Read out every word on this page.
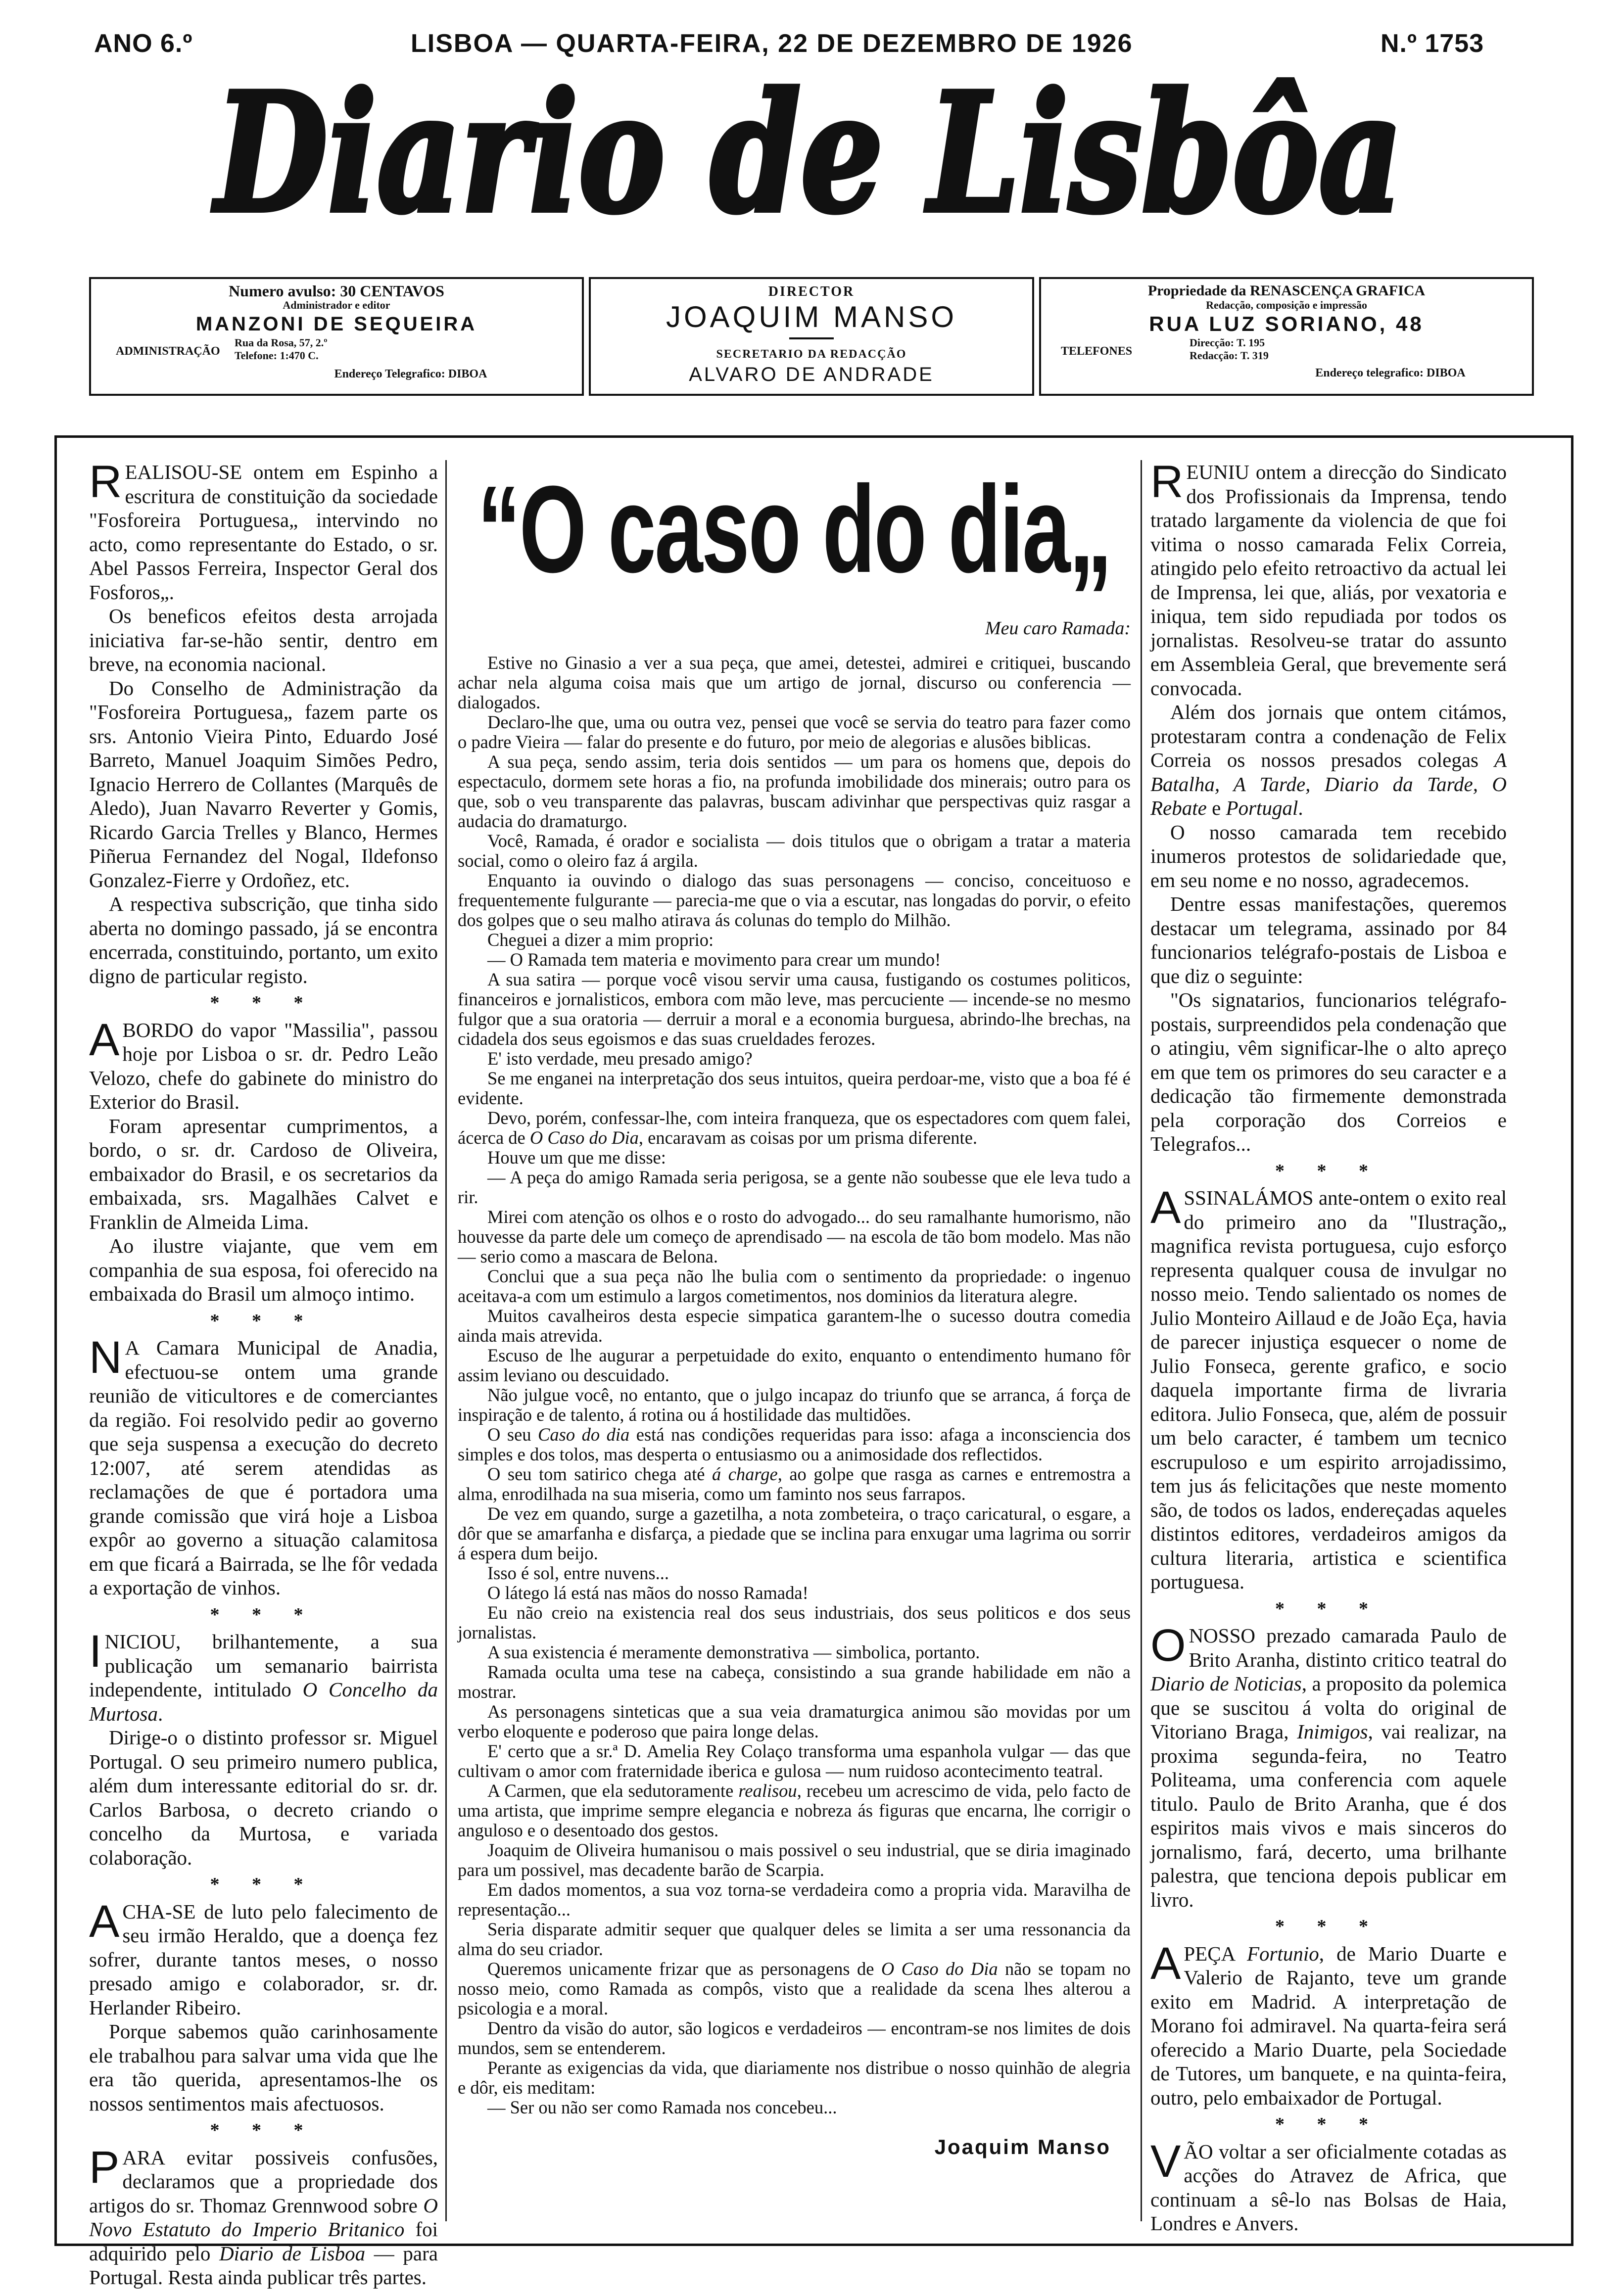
ANO 6.º	LISBOA — QUARTA-FEIRA, 22 DE DEZEMBRO DE 1926	N.º 1753
Diario de Lisbôa
Numero avulso: 30 CENTAVOS
Administrador e editor
MANZONI DE SEQUEIRA
ADMINISTRAÇÃO
Rua da Rosa, 57, 2.º
Telefone: 1:470 C.
Endereço Telegrafico: DIBOA
DIRECTOR
JOAQUIM MANSO
SECRETARIO DA REDACÇÃO
ALVARO DE ANDRADE
Propriedade da RENASCENÇA GRAFICA
Redacção, composição e impressão
RUA LUZ SORIANO, 48
TELEFONES
Direcção: T. 195
Redacção: T. 319
Endereço telegrafico: DIBOA

REALISOU-SE ontem em Espinho a escritura de constituição da sociedade "Fosforeira Portuguesa„ intervindo no acto, como representante do Estado, o sr. Abel Passos Ferreira, Inspector Geral dos Fosforos„.

Os beneficos efeitos desta arrojada iniciativa far-se-hão sentir, dentro em breve, na economia nacional.

Do Conselho de Administração da "Fosforeira Portuguesa„ fazem parte os srs. Antonio Vieira Pinto, Eduardo José Barreto, Manuel Joaquim Simões Pedro, Ignacio Herrero de Collantes (Marquês de Aledo), Juan Navarro Reverter y Gomis, Ricardo Garcia Trelles y Blanco, Hermes Piñerua Fernandez del Nogal, Ildefonso Gonzalez-Fierre y Ordoñez, etc.

A respectiva subscrição, que tinha sido aberta no domingo passado, já se encontra encerrada, constituindo, portanto, um exito digno de particular registo.

* * *

ABORDO do vapor "Massilia", passou hoje por Lisboa o sr. dr. Pedro Leão Velozo, chefe do gabinete do ministro do Exterior do Brasil.

Foram apresentar cumprimentos, a bordo, o sr. dr. Cardoso de Oliveira, embaixador do Brasil, e os secretarios da embaixada, srs. Magalhães Calvet e Franklin de Almeida Lima.

Ao ilustre viajante, que vem em companhia de sua esposa, foi oferecido na embaixada do Brasil um almoço intimo.

* * *

NA Camara Municipal de Anadia, efectuou-se ontem uma grande reunião de viticultores e de comerciantes da região. Foi resolvido pedir ao governo que seja suspensa a execução do decreto 12:007, até serem atendidas as reclamações de que é portadora uma grande comissão que virá hoje a Lisboa expôr ao governo a situação calamitosa em que ficará a Bairrada, se lhe fôr vedada a exportação de vinhos.

* * *

INICIOU, brilhantemente, a sua publicação um semanario bairrista independente, intitulado O Concelho da Murtosa.

Dirige-o o distinto professor sr. Miguel Portugal. O seu primeiro numero publica, além dum interessante editorial do sr. dr. Carlos Barbosa, o decreto criando o concelho da Murtosa, e variada colaboração.

* * *

ACHA-SE de luto pelo falecimento de seu irmão Heraldo, que a doença fez sofrer, durante tantos meses, o nosso presado amigo e colaborador, sr. dr. Herlander Ribeiro.

Porque sabemos quão carinhosamente ele trabalhou para salvar uma vida que lhe era tão querida, apresentamos-lhe os nossos sentimentos mais afectuosos.

* * *

PARA evitar possiveis confusões, declaramos que a propriedade dos artigos do sr. Thomaz Grennwood sobre O Novo Estatuto do Imperio Britanico foi adquirido pelo Diario de Lisboa — para Portugal. Resta ainda publicar três partes.

“O caso do dia„

Meu caro Ramada:

Estive no Ginasio a ver a sua peça, que amei, detestei, admirei e critiquei, buscando achar nela alguma coisa mais que um artigo de jornal, discurso ou conferencia — dialogados.

Declaro-lhe que, uma ou outra vez, pensei que você se servia do teatro para fazer como o padre Vieira — falar do presente e do futuro, por meio de alegorias e alusões biblicas.

A sua peça, sendo assim, teria dois sentidos — um para os homens que, depois do espectaculo, dormem sete horas a fio, na profunda imobilidade dos minerais; outro para os que, sob o veu transparente das palavras, buscam adivinhar que perspectivas quiz rasgar a audacia do dramaturgo.

Você, Ramada, é orador e socialista — dois titulos que o obrigam a tratar a materia social, como o oleiro faz á argila.

Enquanto ia ouvindo o dialogo das suas personagens — conciso, conceituoso e frequentemente fulgurante — parecia-me que o via a escutar, nas longadas do porvir, o efeito dos golpes que o seu malho atirava ás colunas do templo do Milhão.

Cheguei a dizer a mim proprio:

— O Ramada tem materia e movimento para crear um mundo!

A sua satira — porque você visou servir uma causa, fustigando os costumes politicos, financeiros e jornalisticos, embora com mão leve, mas percuciente — incende-se no mesmo fulgor que a sua oratoria — derruir a moral e a economia burguesa, abrindo-lhe brechas, na cidadela dos seus egoismos e das suas crueldades ferozes.

E' isto verdade, meu presado amigo?

Se me enganei na interpretação dos seus intuitos, queira perdoar-me, visto que a boa fé é evidente.

Devo, porém, confessar-lhe, com inteira franqueza, que os espectadores com quem falei, ácerca de O Caso do Dia, encaravam as coisas por um prisma diferente.

Houve um que me disse:

— A peça do amigo Ramada seria perigosa, se a gente não soubesse que ele leva tudo a rir.

Mirei com atenção os olhos e o rosto do advogado... do seu ramalhante humorismo, não houvesse da parte dele um começo de aprendisado — na escola de tão bom modelo. Mas não — serio como a mascara de Belona.

Conclui que a sua peça não lhe bulia com o sentimento da propriedade: o ingenuo aceitava-a com um estimulo a largos cometimentos, nos dominios da literatura alegre.

Muitos cavalheiros desta especie simpatica garantem-lhe o sucesso doutra comedia ainda mais atrevida.

Escuso de lhe augurar a perpetuidade do exito, enquanto o entendimento humano fôr assim leviano ou descuidado.

Não julgue você, no entanto, que o julgo incapaz do triunfo que se arranca, á força de inspiração e de talento, á rotina ou á hostilidade das multidões.

O seu Caso do dia está nas condições requeridas para isso: afaga a inconsciencia dos simples e dos tolos, mas desperta o entusiasmo ou a animosidade dos reflectidos.

O seu tom satirico chega até á charge, ao golpe que rasga as carnes e entremostra a alma, enrodilhada na sua miseria, como um faminto nos seus farrapos.

De vez em quando, surge a gazetilha, a nota zombeteira, o traço caricatural, o esgare, a dôr que se amarfanha e disfarça, a piedade que se inclina para enxugar uma lagrima ou sorrir á espera dum beijo.

Isso é sol, entre nuvens...

O látego lá está nas mãos do nosso Ramada!

Eu não creio na existencia real dos seus industriais, dos seus politicos e dos seus jornalistas.

A sua existencia é meramente demonstrativa — simbolica, portanto.

Ramada oculta uma tese na cabeça, consistindo a sua grande habilidade em não a mostrar.

As personagens sinteticas que a sua veia dramaturgica animou são movidas por um verbo eloquente e poderoso que paira longe delas.

E' certo que a sr.ª D. Amelia Rey Colaço transforma uma espanhola vulgar — das que cultivam o amor com fraternidade iberica e gulosa — num ruidoso acontecimento teatral.

A Carmen, que ela sedutoramente realisou, recebeu um acrescimo de vida, pelo facto de uma artista, que imprime sempre elegancia e nobreza ás figuras que encarna, lhe corrigir o anguloso e o desentoado dos gestos.

Joaquim de Oliveira humanisou o mais possivel o seu industrial, que se diria imaginado para um possivel, mas decadente barão de Scarpia.

Em dados momentos, a sua voz torna-se verdadeira como a propria vida. Maravilha de representação...

Seria disparate admitir sequer que qualquer deles se limita a ser uma ressonancia da alma do seu criador.

Queremos unicamente frizar que as personagens de O Caso do Dia não se topam no nosso meio, como Ramada as compôs, visto que a realidade da scena lhes alterou a psicologia e a moral.

Dentro da visão do autor, são logicos e verdadeiros — encontram-se nos limites de dois mundos, sem se entenderem.

Perante as exigencias da vida, que diariamente nos distribue o nosso quinhão de alegria e dôr, eis meditam:

— Ser ou não ser como Ramada nos concebeu...

Joaquim Manso

REUNIU ontem a direcção do Sindicato dos Profissionais da Imprensa, tendo tratado largamente da violencia de que foi vitima o nosso camarada Felix Correia, atingido pelo efeito retroactivo da actual lei de Imprensa, lei que, aliás, por vexatoria e iniqua, tem sido repudiada por todos os jornalistas. Resolveu-se tratar do assunto em Assembleia Geral, que brevemente será convocada.

Além dos jornais que ontem citámos, protestaram contra a condenação de Felix Correia os nossos presados colegas A Batalha, A Tarde, Diario da Tarde, O Rebate e Portugal.

O nosso camarada tem recebido inumeros protestos de solidariedade que, em seu nome e no nosso, agradecemos.

Dentre essas manifestações, queremos destacar um telegrama, assinado por 84 funcionarios telégrafo-postais de Lisboa e que diz o seguinte:

"Os signatarios, funcionarios telégrafo-postais, surpreendidos pela condenação que o atingiu, vêm significar-lhe o alto apreço em que tem os primores do seu caracter e a dedicação tão firmemente demonstrada pela corporação dos Correios e Telegrafos...

* * *

ASSINALÁMOS ante-ontem o exito real do primeiro ano da "Ilustração„ magnifica revista portuguesa, cujo esforço representa qualquer cousa de invulgar no nosso meio. Tendo salientado os nomes de Julio Monteiro Aillaud e de João Eça, havia de parecer injustiça esquecer o nome de Julio Fonseca, gerente grafico, e socio daquela importante firma de livraria editora. Julio Fonseca, que, além de possuir um belo caracter, é tambem um tecnico escrupuloso e um espirito arrojadissimo, tem jus ás felicitações que neste momento são, de todos os lados, endereçadas aqueles distintos editores, verdadeiros amigos da cultura literaria, artistica e scientifica portuguesa.

* * *

ONOSSO prezado camarada Paulo de Brito Aranha, distinto critico teatral do Diario de Noticias, a proposito da polemica que se suscitou á volta do original de Vitoriano Braga, Inimigos, vai realizar, na proxima segunda-feira, no Teatro Politeama, uma conferencia com aquele titulo. Paulo de Brito Aranha, que é dos espiritos mais vivos e mais sinceros do jornalismo, fará, decerto, uma brilhante palestra, que tenciona depois publicar em livro.

* * *

APEÇA Fortunio, de Mario Duarte e Valerio de Rajanto, teve um grande exito em Madrid. A interpretação de Morano foi admiravel. Na quarta-feira será oferecido a Mario Duarte, pela Sociedade de Tutores, um banquete, e na quinta-feira, outro, pelo embaixador de Portugal.

* * *

VÃO voltar a ser oficialmente cotadas as acções do Atravez de Africa, que continuam a sê-lo nas Bolsas de Haia, Londres e Anvers.
